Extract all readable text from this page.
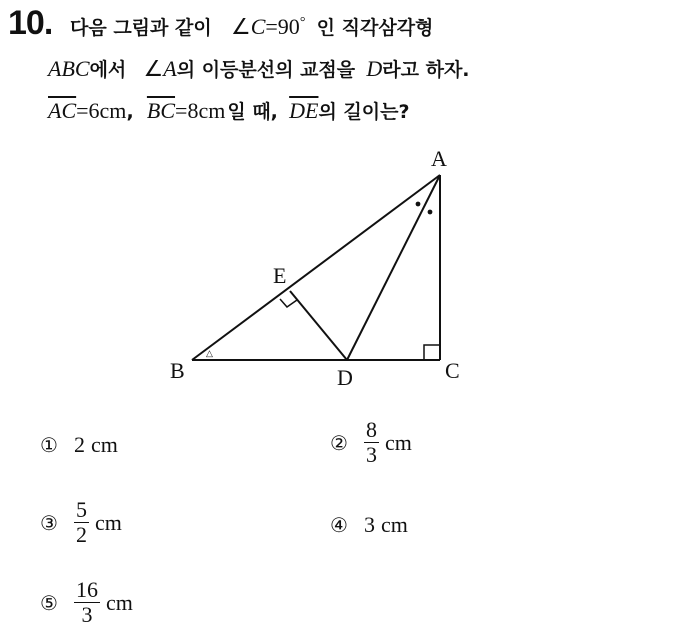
10. 다음 그림과 같이 ∠C=90° 인 직각삼각형
ABC에서 ∠A의 이등분선의 교점을 D라고 하자.
$\overline{AC}=6cm$, $\overline{BC}=8cm$ 일 때, $\overline{DE}$의 길이는?
△
A
B	C
D
E
① 2 cm	② $\frac{8}{3}$ cm
③ $\frac{5}{2}$ cm	④ 3 cm
⑤ $\frac{16}{3}$ cm
